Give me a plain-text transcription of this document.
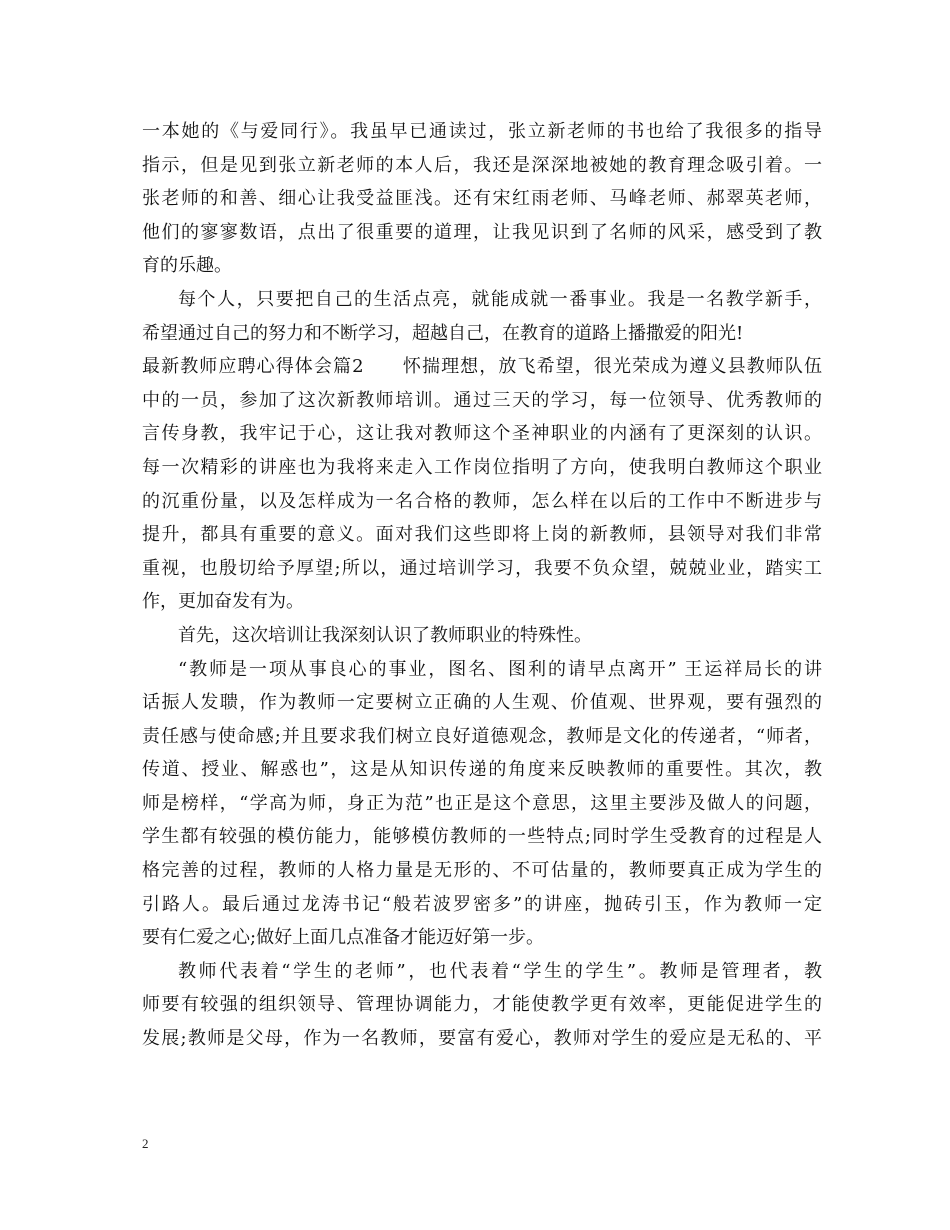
一本她的《与爱同行》。我虽早已通读过，张立新老师的书也给了我很多的指导
指示，但是见到张立新老师的本人后，我还是深深地被她的教育理念吸引着。一
张老师的和善、细心让我受益匪浅。还有宋红雨老师、马峰老师、郝翠英老师，
他们的寥寥数语，点出了很重要的道理，让我见识到了名师的风采，感受到了教
育的乐趣。
每个人，只要把自己的生活点亮，就能成就一番事业。我是一名教学新手，
希望通过自己的努力和不断学习，超越自己，在教育的道路上播撒爱的阳光!
最新教师应聘心得体会篇2　　怀揣理想，放飞希望，很光荣成为遵义县教师队伍
中的一员，参加了这次新教师培训。通过三天的学习，每一位领导、优秀教师的
言传身教，我牢记于心，这让我对教师这个圣神职业的内涵有了更深刻的认识。
每一次精彩的讲座也为我将来走入工作岗位指明了方向，使我明白教师这个职业
的沉重份量，以及怎样成为一名合格的教师，怎么样在以后的工作中不断进步与
提升，都具有重要的意义。面对我们这些即将上岗的新教师，县领导对我们非常
重视，也殷切给予厚望;所以，通过培训学习，我要不负众望，兢兢业业，踏实工
作，更加奋发有为。
首先，这次培训让我深刻认识了教师职业的特殊性。
“教师是一项从事良心的事业，图名、图利的请早点离开” 王运祥局长的讲
话振人发聩，作为教师一定要树立正确的人生观、价值观、世界观，要有强烈的
责任感与使命感;并且要求我们树立良好道德观念，教师是文化的传递者，“师者，
传道、授业、解惑也”，这是从知识传递的角度来反映教师的重要性。其次，教
师是榜样，“学高为师，身正为范”也正是这个意思，这里主要涉及做人的问题，
学生都有较强的模仿能力，能够模仿教师的一些特点;同时学生受教育的过程是人
格完善的过程，教师的人格力量是无形的、不可估量的，教师要真正成为学生的
引路人。最后通过龙涛书记“般若波罗密多”的讲座，抛砖引玉，作为教师一定
要有仁爱之心;做好上面几点准备才能迈好第一步。
教师代表着“学生的老师”，也代表着“学生的学生”。教师是管理者，教
师要有较强的组织领导、管理协调能力，才能使教学更有效率，更能促进学生的
发展;教师是父母，作为一名教师，要富有爱心，教师对学生的爱应是无私的、平
2
